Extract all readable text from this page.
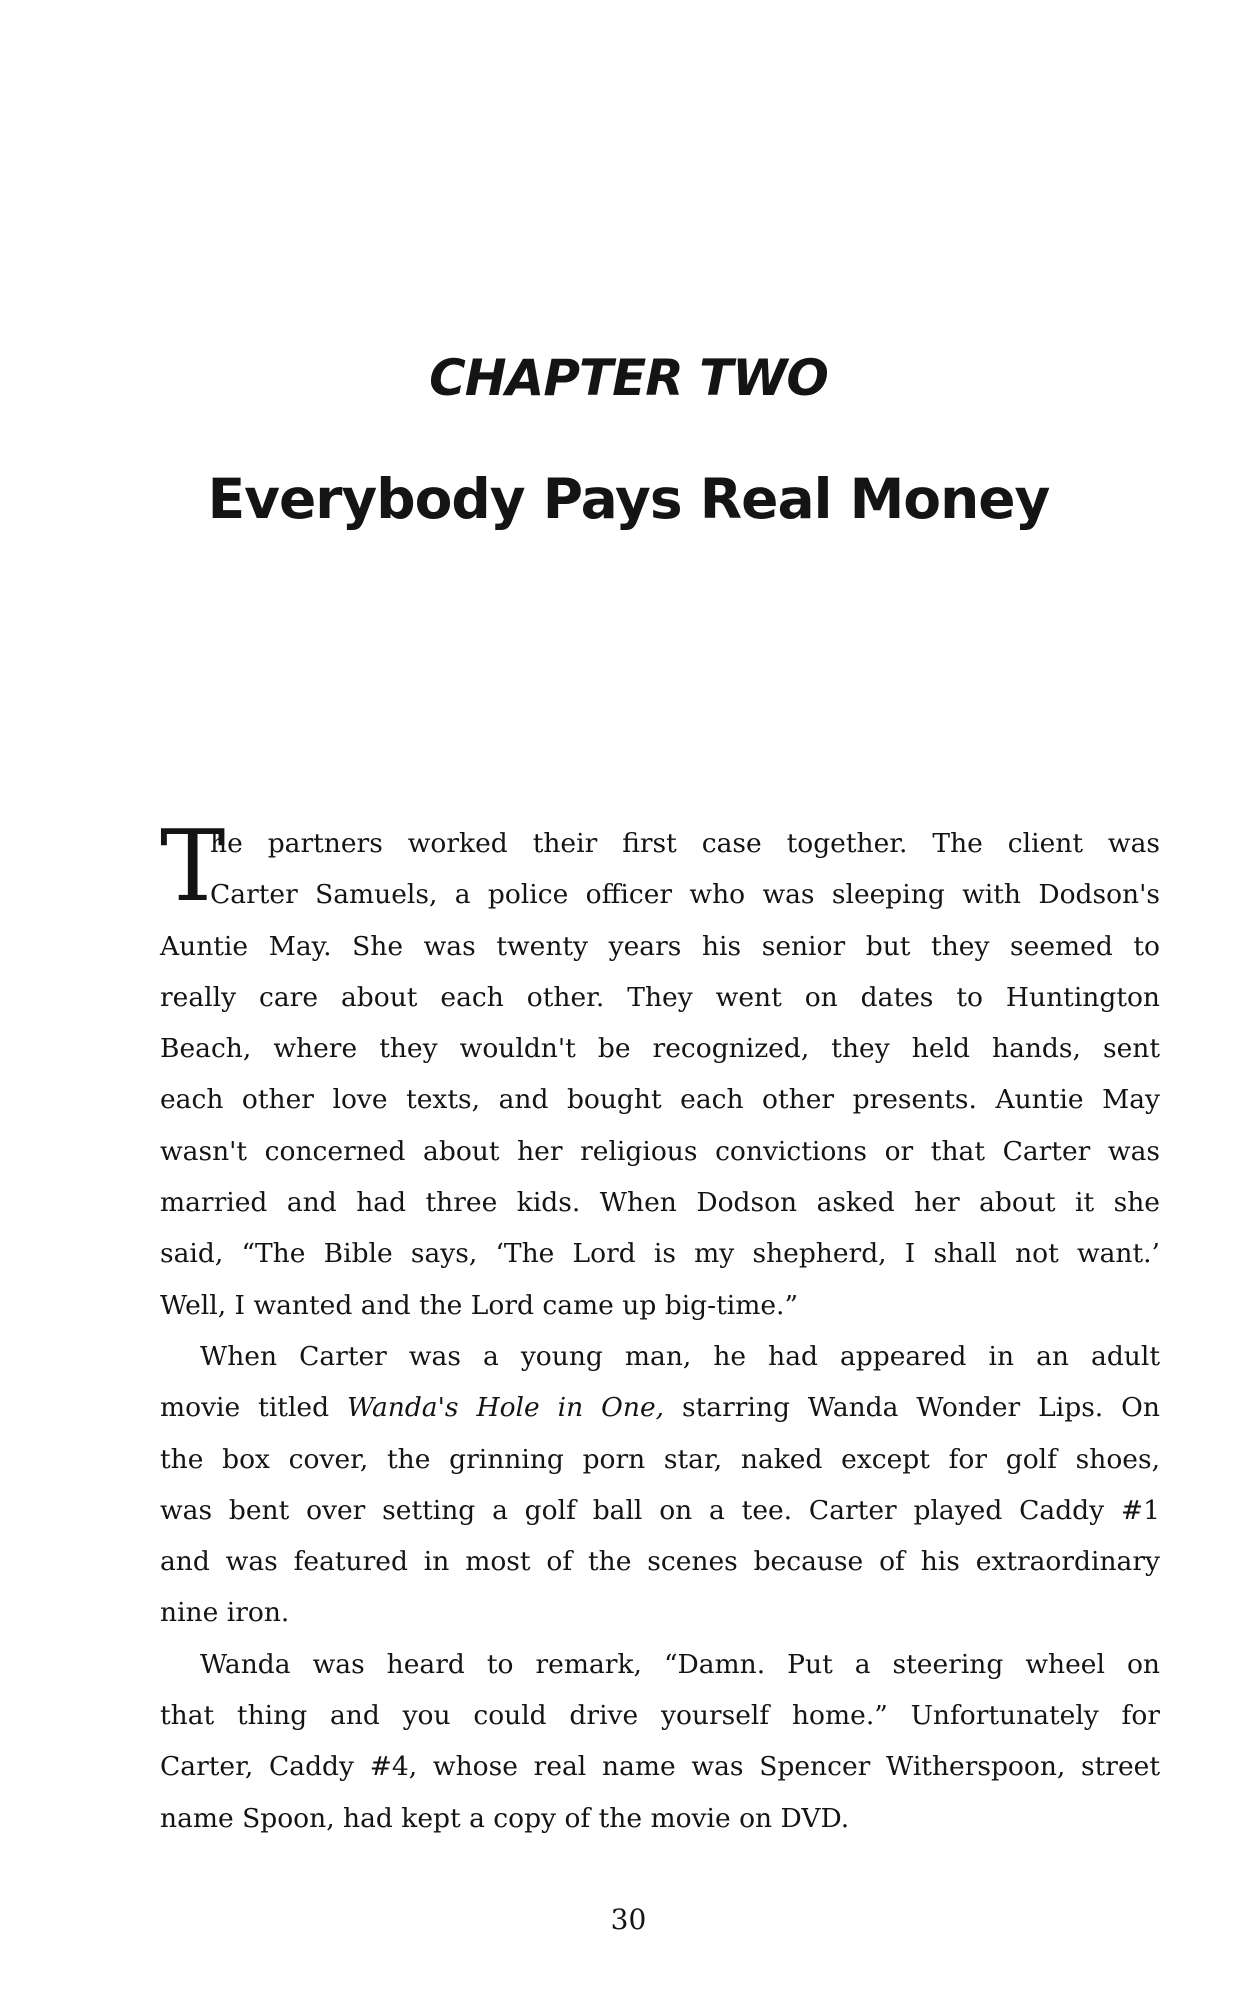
CHAPTER TWO
Everybody Pays Real Money
T
he partners worked their first case together. The client was
Carter Samuels, a police officer who was sleeping with Dodson's
Auntie May. She was twenty years his senior but they seemed to
really care about each other. They went on dates to Huntington
Beach, where they wouldn't be recognized, they held hands, sent
each other love texts, and bought each other presents. Auntie May
wasn't concerned about her religious convictions or that Carter was
married and had three kids. When Dodson asked her about it she
said, “The Bible says, ‘The Lord is my shepherd, I shall not want.’
Well, I wanted and the Lord came up big-time.”
When Carter was a young man, he had appeared in an adult
movie titled Wanda's Hole in One, starring Wanda Wonder Lips. On
the box cover, the grinning porn star, naked except for golf shoes,
was bent over setting a golf ball on a tee. Carter played Caddy #1
and was featured in most of the scenes because of his extraordinary
nine iron.
Wanda was heard to remark, “Damn. Put a steering wheel on
that thing and you could drive yourself home.” Unfortunately for
Carter, Caddy #4, whose real name was Spencer Witherspoon, street
name Spoon, had kept a copy of the movie on DVD.
30
